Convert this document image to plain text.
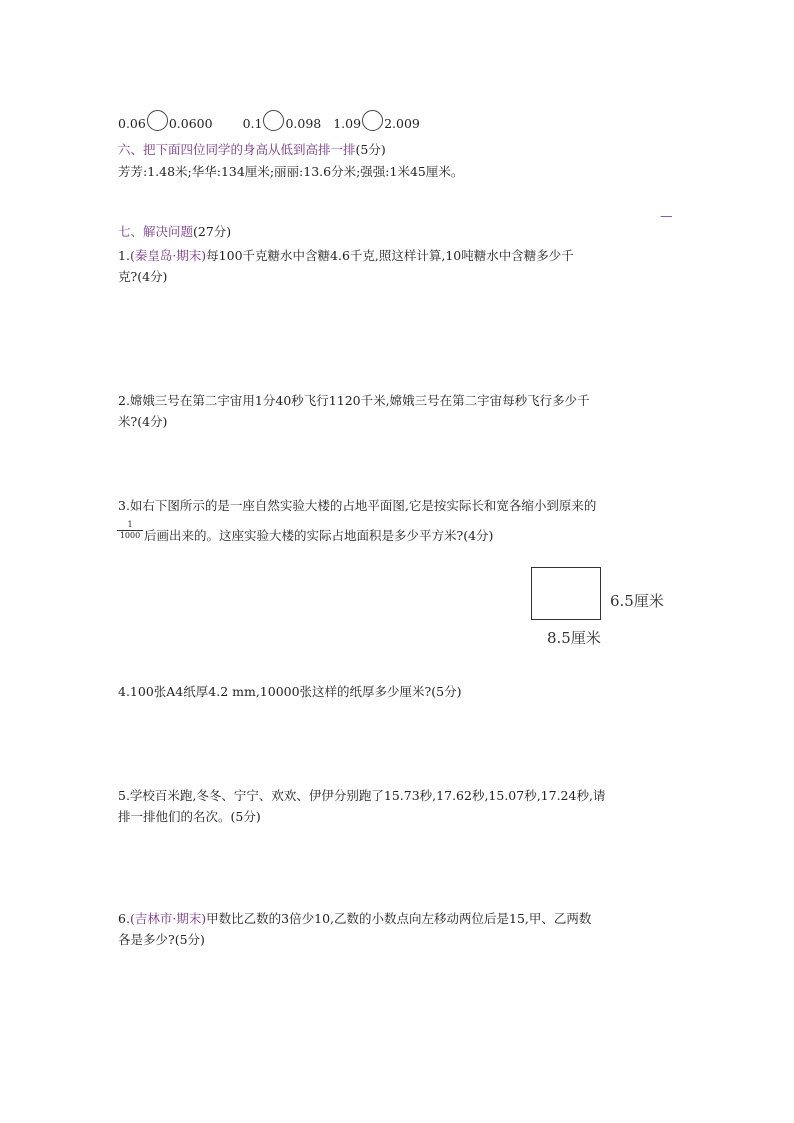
0.06 0.0600 0.1 0.098 1.09 2.009
六、把下面四位同学的身高从低到高排一排(5分)
芳芳:1.48米;华华:134厘米;丽丽:13.6分米;强强:1米45厘米。
七、解决问题(27分)
—
1.(秦皇岛·期末)每100千克糖水中含糖4.6千克,照这样计算,10吨糖水中含糖多少千
克?(4分)
2.嫦娥三号在第二宇宙用1分40秒飞行1120千米,嫦娥三号在第二宇宙每秒飞行多少千
米?(4分)
3.如右下图所示的是一座自然实验大楼的占地平面图,它是按实际长和宽各缩小到原来的
$\frac{1}{1000}$ 后画出来的。这座实验大楼的实际占地面积是多少平方米?(4分)
6.5厘米
8.5厘米
4.100张A4纸厚4.2 mm,10000张这样的纸厚多少厘米?(5分)
5.学校百米跑,冬冬、宁宁、欢欢、伊伊分别跑了15.73秒,17.62秒,15.07秒,17.24秒,请
排一排他们的名次。(5分)
6.(吉林市·期末)甲数比乙数的3倍少10,乙数的小数点向左移动两位后是15,甲、乙两数
各是多少?(5分)
